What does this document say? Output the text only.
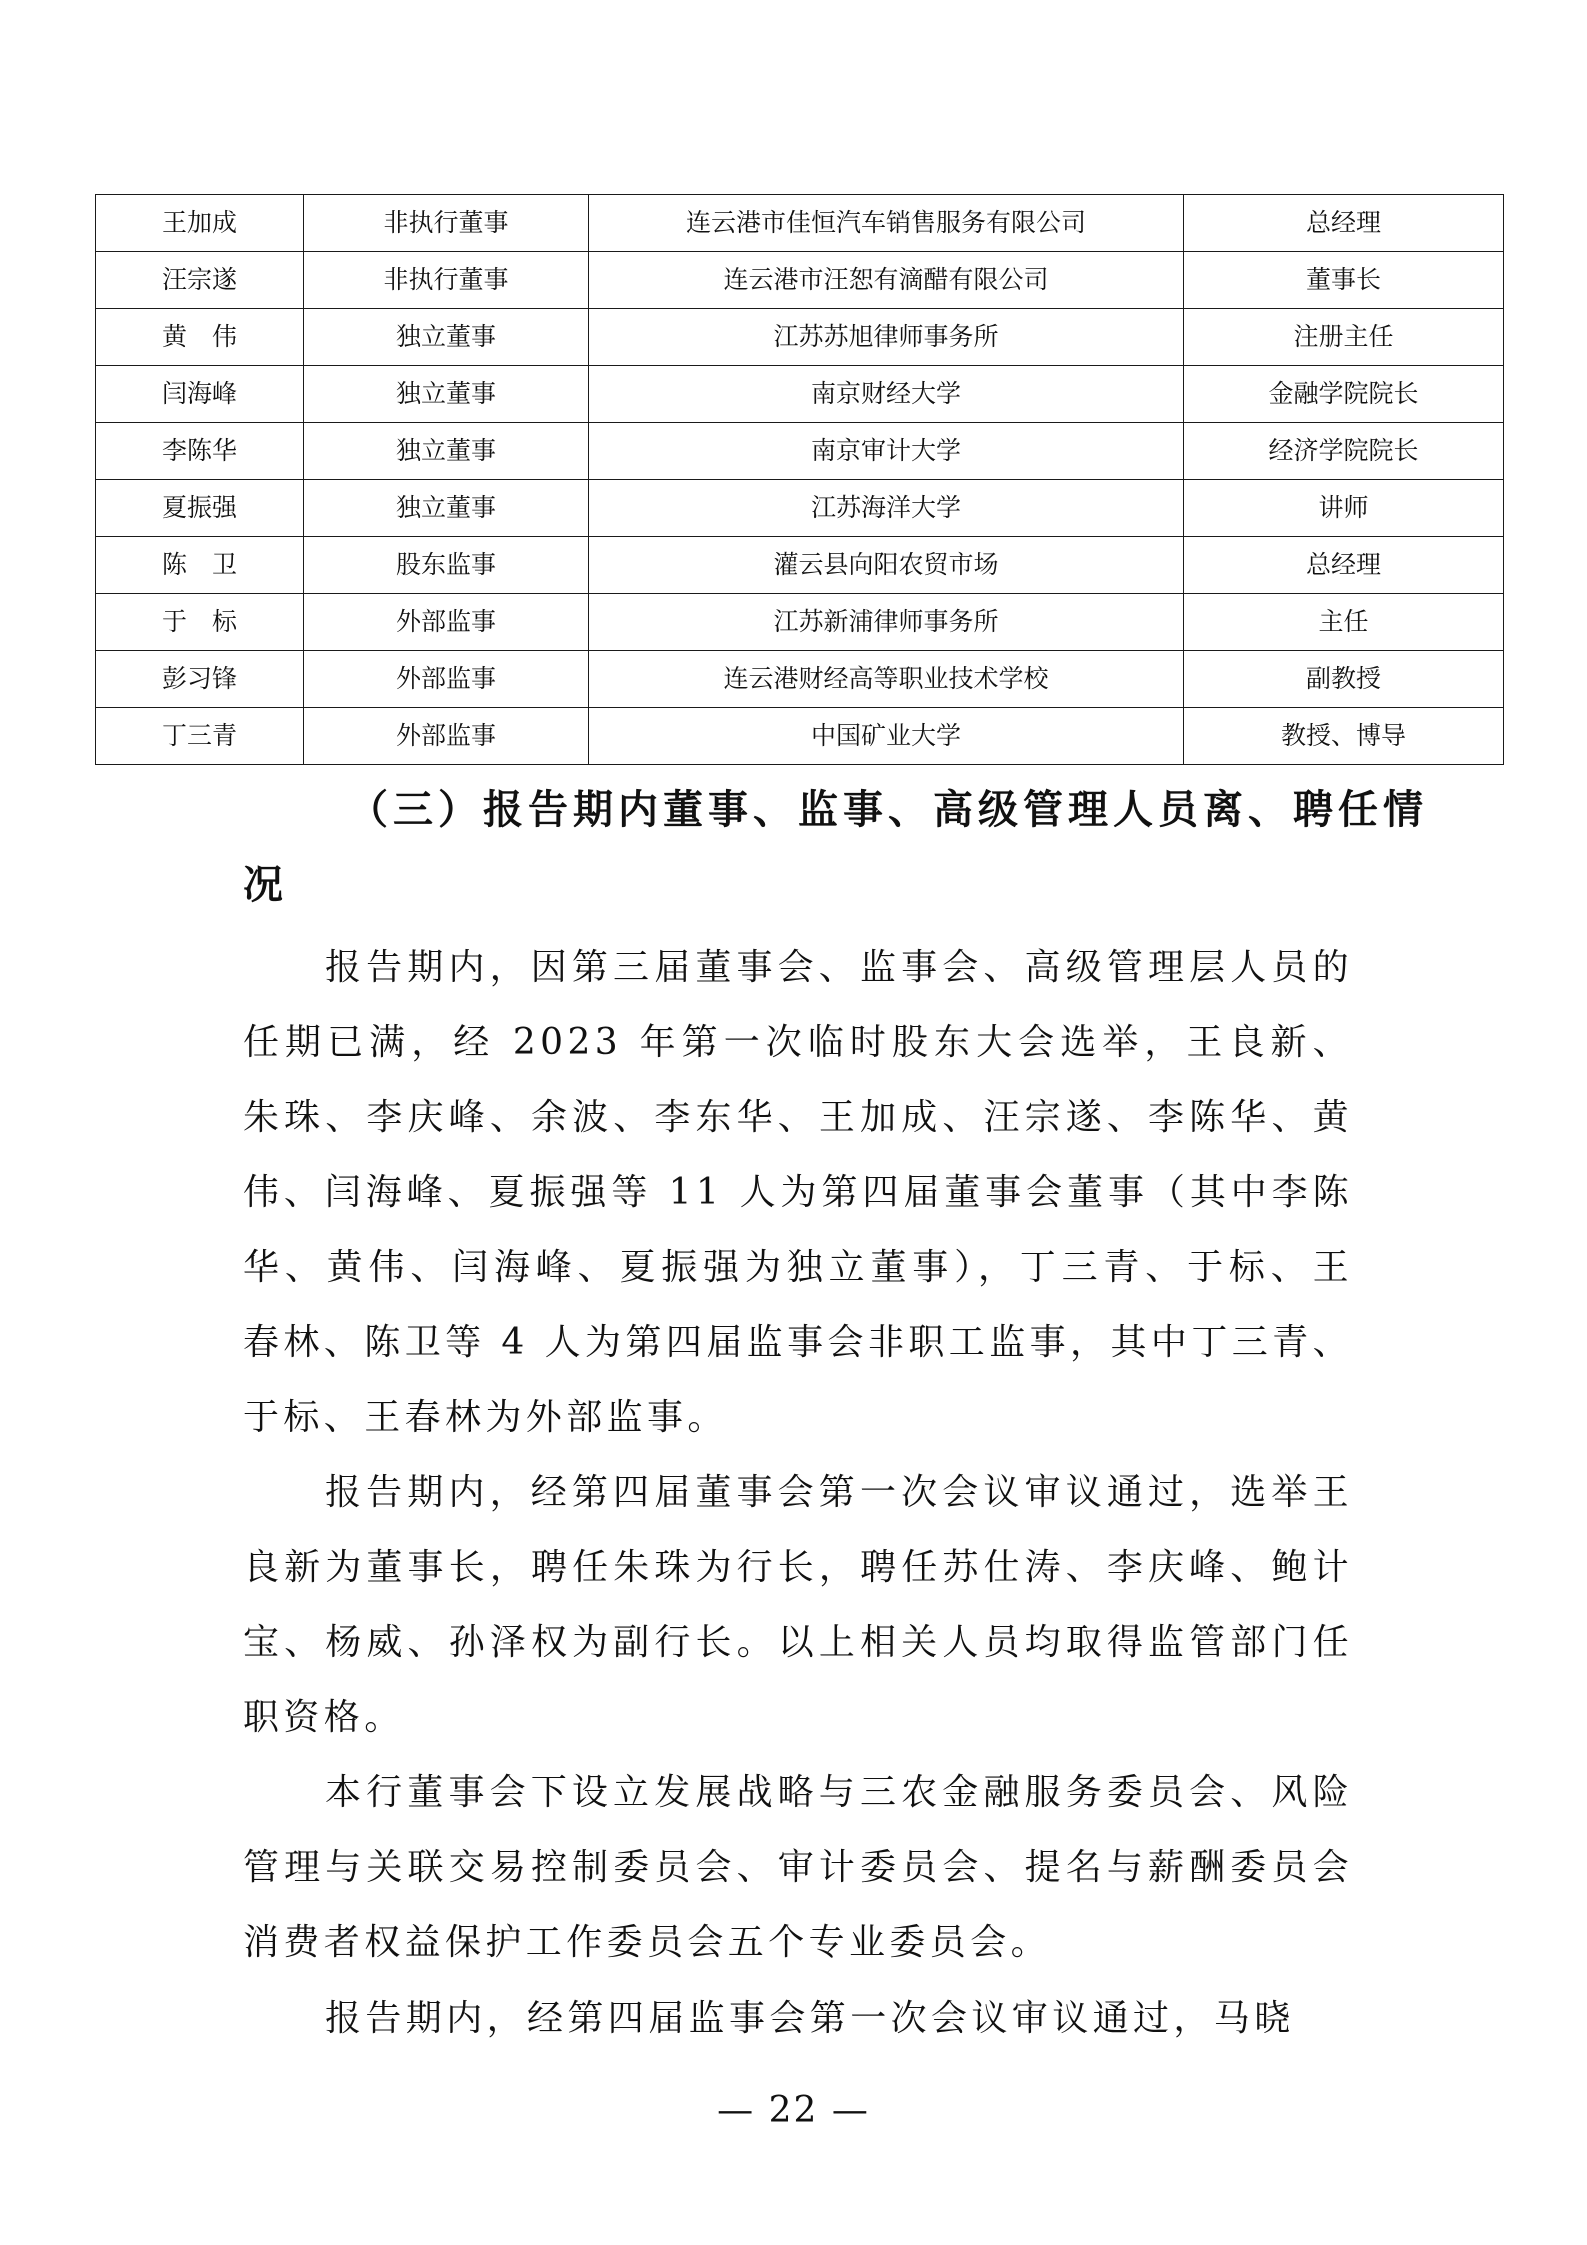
王加成	非执行董事	连云港市佳恒汽车销售服务有限公司	总经理
汪宗遂	非执行董事	连云港市汪恕有滴醋有限公司	董事长
黄　伟	独立董事	江苏苏旭律师事务所	注册主任
闫海峰	独立董事	南京财经大学	金融学院院长
李陈华	独立董事	南京审计大学	经济学院院长
夏振强	独立董事	江苏海洋大学	讲师
陈　卫	股东监事	灌云县向阳农贸市场	总经理
于　标	外部监事	江苏新浦律师事务所	主任
彭习锋	外部监事	连云港财经高等职业技术学校	副教授
丁三青	外部监事	中国矿业大学	教授、博导
（三）报告期内董事、监事、高级管理人员离、聘任情
况

报告期内，因第三届董事会、监事会、高级管理层人员的任期已满，经 2023 年第一次临时股东大会选举，王良新、朱珠、李庆峰、余波、李东华、王加成、汪宗遂、李陈华、黄伟、闫海峰、夏振强等 11 人为第四届董事会董事（其中李陈华、黄伟、闫海峰、夏振强为独立董事），丁三青、于标、王春林、陈卫等 4 人为第四届监事会非职工监事，其中丁三青、于标、王春林为外部监事。

报告期内，经第四届董事会第一次会议审议通过，选举王良新为董事长，聘任朱珠为行长，聘任苏仕涛、李庆峰、鲍计宝、杨威、孙泽权为副行长。以上相关人员均取得监管部门任职资格。

本行董事会下设立发展战略与三农金融服务委员会、风险管理与关联交易控制委员会、审计委员会、提名与薪酬委员会消费者权益保护工作委员会五个专业委员会。

报告期内，经第四届监事会第一次会议审议通过，马晓

— 22 —
